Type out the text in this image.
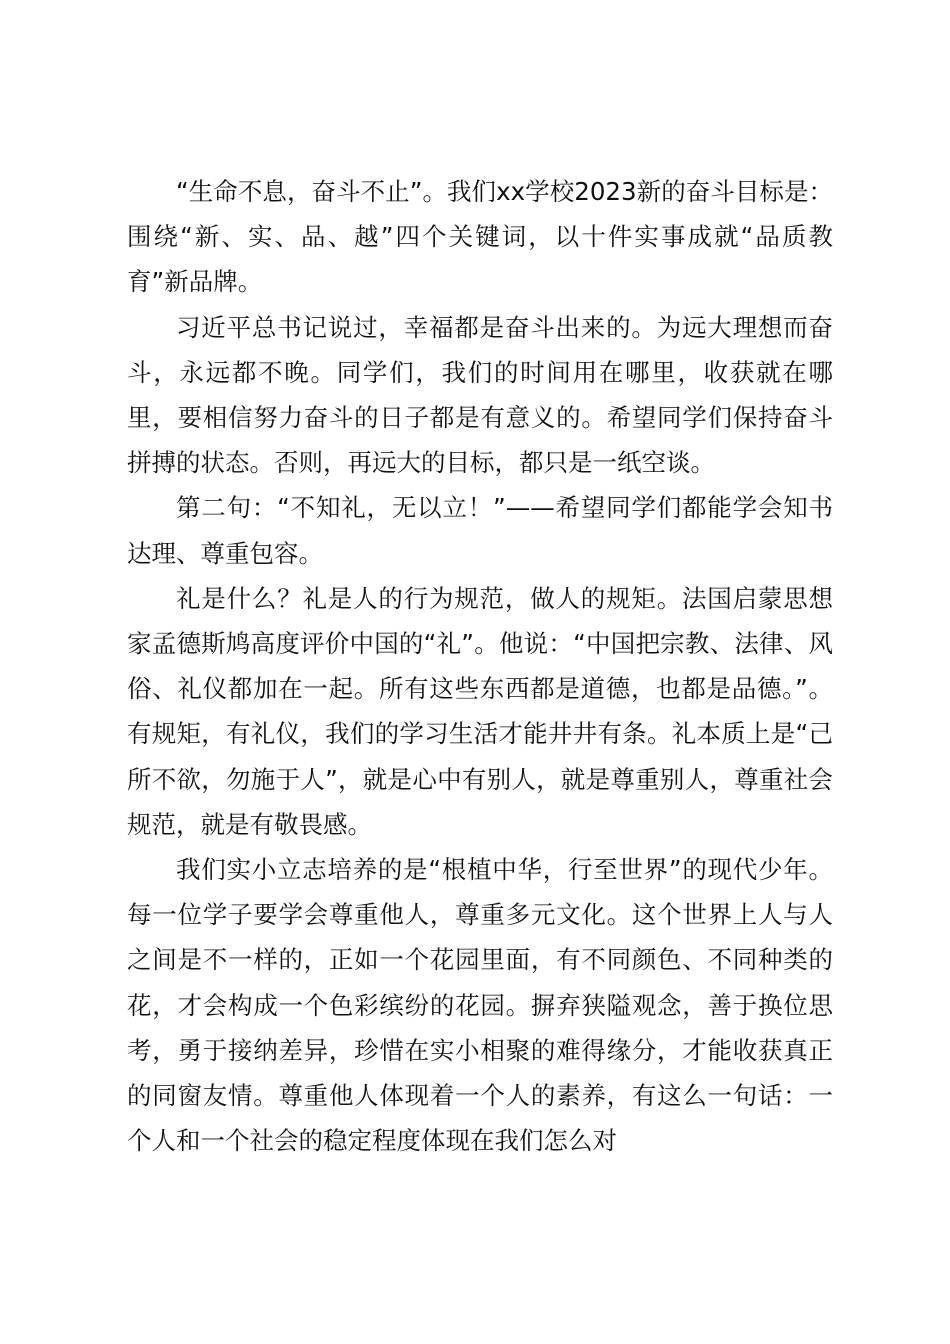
“生命不息，奋斗不止”。我们xx学校2023新的奋斗目标是：围绕“新、实、品、越”四个关键词，以十件实事成就“品质教育”新品牌。

习近平总书记说过，幸福都是奋斗出来的。为远大理想而奋斗，永远都不晚。同学们，我们的时间用在哪里，收获就在哪里，要相信努力奋斗的日子都是有意义的。希望同学们保持奋斗拼搏的状态。否则，再远大的目标，都只是一纸空谈。

第二句：“不知礼，无以立！”——希望同学们都能学会知书达理、尊重包容。

礼是什么？礼是人的行为规范，做人的规矩。法国启蒙思想家孟德斯鸠高度评价中国的“礼”。他说：“中国把宗教、法律、风俗、礼仪都加在一起。所有这些东西都是道德，也都是品德。”。有规矩，有礼仪，我们的学习生活才能井井有条。礼本质上是“己所不欲，勿施于人”，就是心中有别人，就是尊重别人，尊重社会规范，就是有敬畏感。

我们实小立志培养的是“根植中华，行至世界”的现代少年。每一位学子要学会尊重他人，尊重多元文化。这个世界上人与人之间是不一样的，正如一个花园里面，有不同颜色、不同种类的花，才会构成一个色彩缤纷的花园。摒弃狭隘观念，善于换位思考，勇于接纳差异，珍惜在实小相聚的难得缘分，才能收获真正的同窗友情。尊重他人体现着一个人的素养，有这么一句话：一个人和一个社会的稳定程度体现在我们怎么对
